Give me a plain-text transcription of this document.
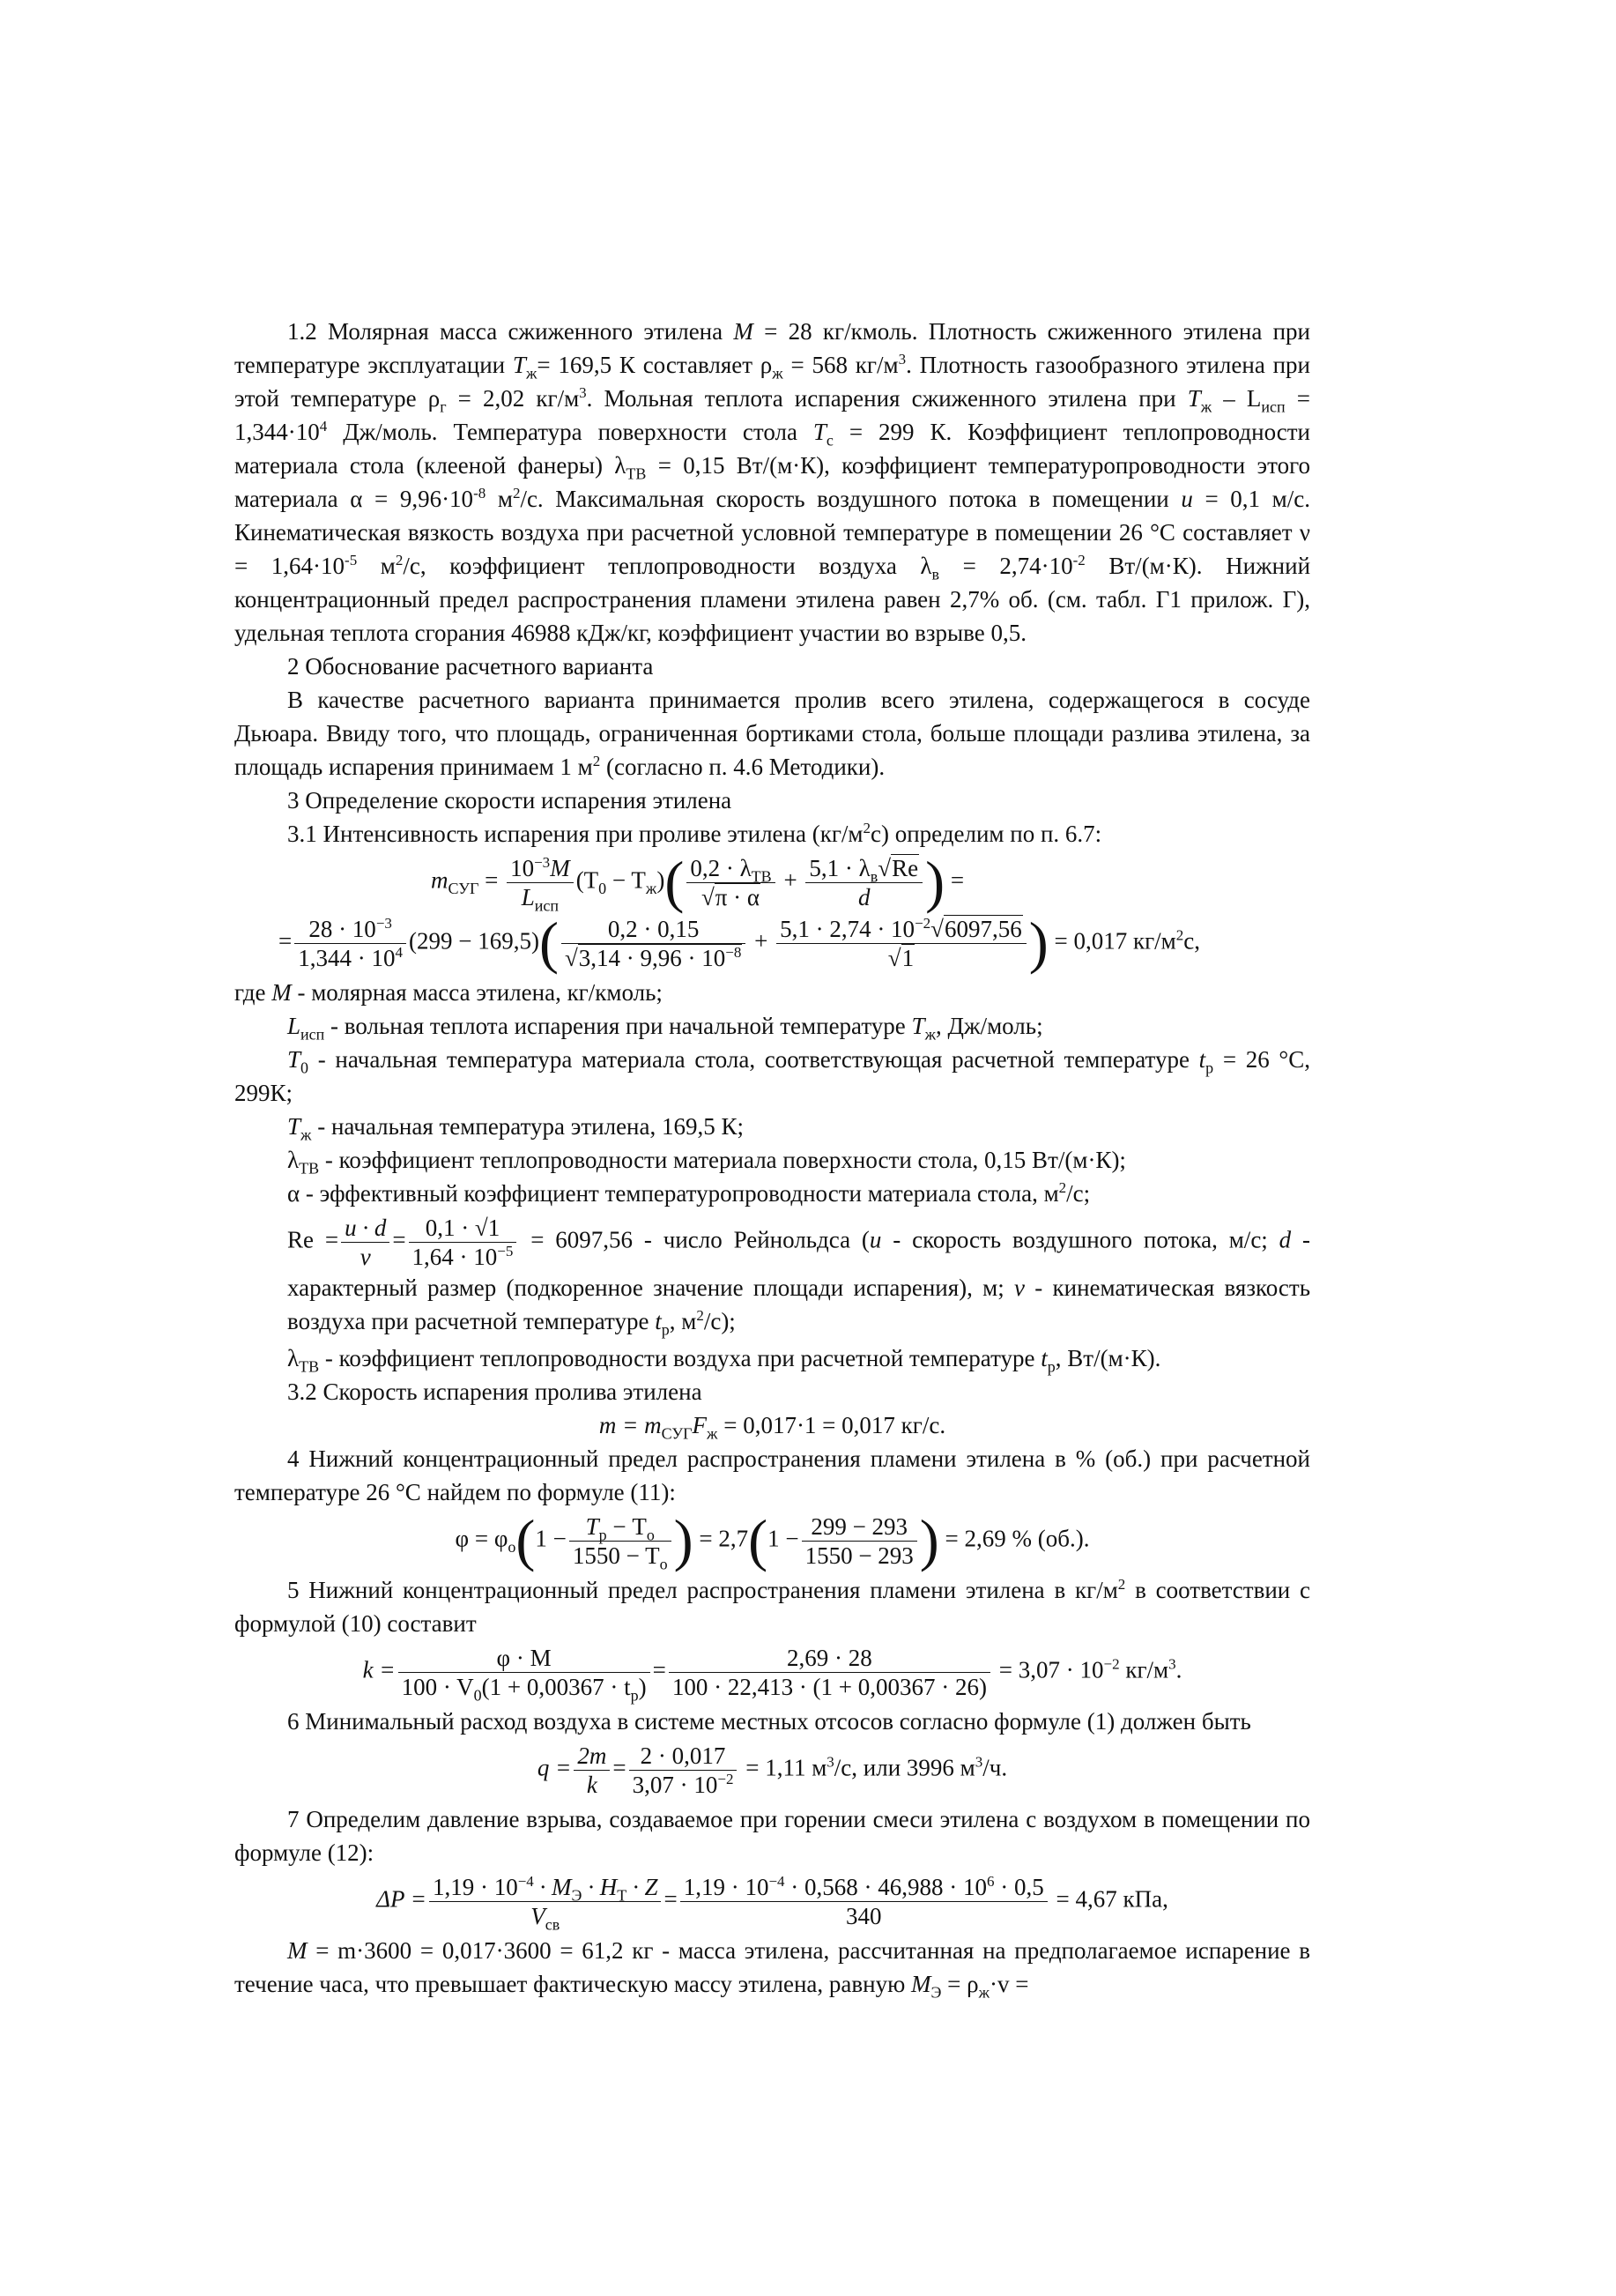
1.2 Молярная масса сжиженного этилена M = 28 кг/кмоль. Плотность сжиженного этилена при температуре эксплуатации $T_ж= 169,5$ К составляет $\rho_ж = 568$ $кг/м^3$. Плотность газообразного этилена при этой температуре $\rho_г = 2,02$ $кг/м^3$. Мольная теплота испарения сжиженного этилена при $T_ж - L_{исп} = 1,344\cdot 10^4$ Дж/моль. Температура поверхности стола $T_с = 299$ К. Коэффициент теплопроводности материала стола (клееной фанеры) $\lambda_{ТВ} = 0,15$ Вт/(м·К), коэффициент температуропроводности этого материала $\alpha = 9,96\cdot 10^{-8}$ $м^2/с$. Максимальная скорость воздушного потока в помещении u = 0,1 м/с. Кинематическая вязкость воздуха при расчетной условной температуре в помещении 26 °С составляет $\nu = 1,64\cdot 10^{-5}$ $м^2/с$, коэффициент теплопроводности воздуха $\lambda_в = 2,74\cdot 10^{-2}$ Вт/(м·К). Нижний концентрационный предел распространения пламени этилена равен 2,7% об. (см. табл. Г1 прилож. Г), удельная теплота сгорания 46988 кДж/кг, коэффициент участии во взрыве 0,5.
2 Обоснование расчетного варианта
В качестве расчетного варианта принимается пролив всего этилена, содержащегося в сосуде Дьюара. Ввиду того, что площадь, ограниченная бортиками стола, больше площади разлива этилена, за площадь испарения принимаем 1 $м^2$ (согласно п. 4.6 Методики).
3 Определение скорости испарения этилена
3.1 Интенсивность испарения при проливе этилена $(кг/м^2с)$ определим по п. 6.7:
$m_{СУГ} = \frac{10^{-3}M}{L_{исп}} (T_0 - T_ж)( \frac{0,2 \cdot \lambda_{ТВ}}{√\pi \cdot \alpha} + \frac{5,1 \cdot \lambda_в√Re}{d}$ ) =
= $\frac{28 \cdot 10^{-3}}{1,344 \cdot 10^4} (299 - 169,5)( \frac{0,2 \cdot 0,15}{√3,14 \cdot 9,96 \cdot 10^{-8}} + \frac{5,1 \cdot 2,74 \cdot 10^{-2}√6097,56}{√1}$ ) = 0,017 $кг/м^2с$,
где M - молярная масса этилена, кг/кмоль;
$L_{исп}$ - вольная теплота испарения при начальной температуре $T_ж$, Дж/моль;
$T_0$ - начальная температура материала стола, соответствующая расчетной температуре $t_р = 26$ °С, 299К;
$T_ж$ - начальная температура этилена, 169,5 К;
$\lambda_{ТВ}$ - коэффициент теплопроводности материала поверхности стола, 0,15 Вт/(м·К);
α - эффективный коэффициент температуропроводности материала стола, $м^2/с$;
$Re = \frac{u \cdot d}{\nu} = \frac{0,1 \cdot √1}{1,64 \cdot 10^{-5}} = 6097,56$ - число Рейнольдса (u - скорость воздушного потока, м/с; d - характерный размер (подкоренное значение площади испарения), м; ν - кинематическая вязкость воздуха при расчетной температуре $t_р$, $м^2/с$);
$\lambda_{ТВ}$ - коэффициент теплопроводности воздуха при расчетной температуре $t_р$, Вт/(м·К).
3.2 Скорость испарения пролива этилена
$m = m_{СУГ}F_ж = 0,017\cdot 1 = 0,017$ кг/с.
4 Нижний концентрационный предел распространения пламени этилена в % (об.) при расчетной температуре 26 °С найдем по формуле (11):
$\varphi = \varphi_о(1 - \frac{T_р - T_о}{1550 - T_о}$ ) = $2,7(1 - \frac{299 - 293}{1550 - 293}$ ) = 2,69 % (об.).
5 Нижний концентрационный предел распространения пламени этилена в $кг/м^2$ в соответствии с формулой (10) составит
$k = \frac{\varphi \cdot M}{100 \cdot V_0(1 + 0,00367 \cdot t_р)} = \frac{2,69 \cdot 28}{100 \cdot 22,413 \cdot (1 + 0,00367 \cdot 26)} = 3,07 \cdot 10^{-2}$ $кг/м^3$.
6 Минимальный расход воздуха в системе местных отсосов согласно формуле (1) должен быть
$q = \frac{2m}{k} = \frac{2 \cdot 0,017}{3,07 \cdot 10^{-2}} = 1,11$ $м^3/с$, или 3996 $м^3/ч$.
7 Определим давление взрыва, создаваемое при горении смеси этилена с воздухом в помещении по формуле (12):
$\Delta P = \frac{1,19 \cdot 10^{-4} \cdot M_Э \cdot H_Т \cdot Z}{V_{св}} = \frac{1,19 \cdot 10^{-4} \cdot 0,568 \cdot 46,988 \cdot 10^6 \cdot 0,5}{340} = 4,67$ кПа,
M = m·3600 = 0,017·3600 = 61,2 кг - масса этилена, рассчитанная на предполагаемое испарение в течение часа, что превышает фактическую массу этилена, равную $M_Э = \rho_ж\cdot v$ =
